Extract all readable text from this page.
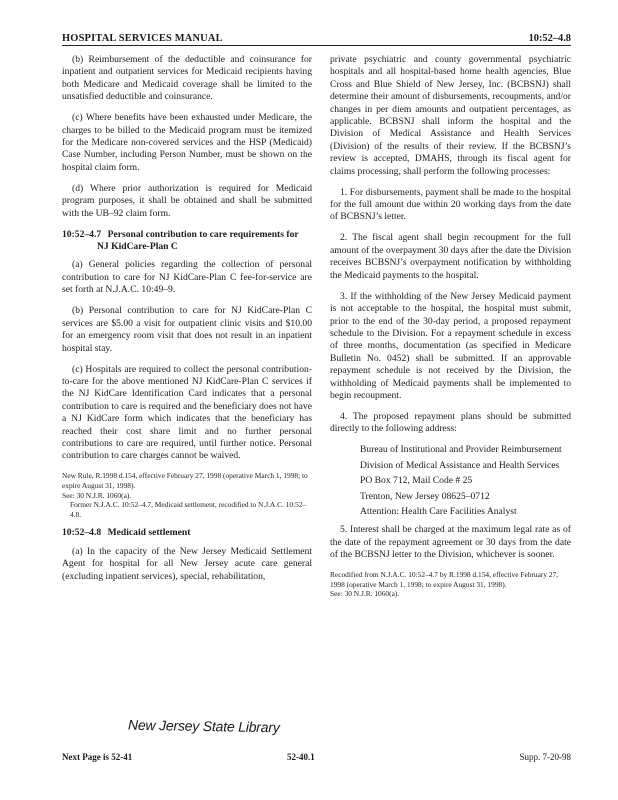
HOSPITAL SERVICES MANUAL	10:52–4.8

(b) Reimbursement of the deductible and coinsurance for inpatient and outpatient services for Medicaid recipients having both Medicare and Medicaid coverage shall be limited to the unsatisfied deductible and coinsurance.

(c) Where benefits have been exhausted under Medicare, the charges to be billed to the Medicaid program must be itemized for the Medicare non-covered services and the HSP (Medicaid) Case Number, including Person Number, must be shown on the hospital claim form.

(d) Where prior authorization is required for Medicaid program purposes, it shall be obtained and shall be submitted with the UB–92 claim form.

10:52–4.7 Personal contribution to care requirements for
NJ KidCare-Plan C

(a) General policies regarding the collection of personal contribution to care for NJ KidCare-Plan C fee-for-service are set forth at N.J.A.C. 10:49–9.

(b) Personal contribution to care for NJ KidCare-Plan C services are $5.00 a visit for outpatient clinic visits and $10.00 for an emergency room visit that does not result in an inpatient hospital stay.

(c) Hospitals are required to collect the personal contribution-to-care for the above mentioned NJ KidCare-Plan C services if the NJ KidCare Identification Card indicates that a personal contribution to care is required and the beneficiary does not have a NJ KidCare form which indicates that the beneficiary has reached their cost share limit and no further personal contributions to care are required, until further notice. Personal contribution to care charges cannot be waived.

New Rule, R.1998 d.154, effective February 27, 1998 (operative March 1, 1998; to expire August 31, 1998).
See: 30 N.J.R. 1060(a).
Former N.J.A.C. 10:52–4.7, Medicaid settlement, recodified to N.J.A.C. 10:52–4.8.
10:52–4.8 Medicaid settlement

(a) In the capacity of the New Jersey Medicaid Settlement Agent for hospital for all New Jersey acute care general (excluding inpatient services), special, rehabilitation,

private psychiatric and county governmental psychiatric hospitals and all hospital-based home health agencies, Blue Cross and Blue Shield of New Jersey, Inc. (BCBSNJ) shall determine their amount of disbursements, recoupments, and/or changes in per diem amounts and outpatient percentages, as applicable. BCBSNJ shall inform the hospital and the Division of Medical Assistance and Health Services (Division) of the results of their review. If the BCBSNJ’s review is accepted, DMAHS, through its fiscal agent for claims processing, shall perform the following processes:

1. For disbursements, payment shall be made to the hospital for the full amount due within 20 working days from the date of BCBSNJ’s letter.

2. The fiscal agent shall begin recoupment for the full amount of the overpayment 30 days after the date the Division receives BCBSNJ’s overpayment notification by withholding the Medicaid payments to the hospital.

3. If the withholding of the New Jersey Medicaid payment is not acceptable to the hospital, the hospital must submit, prior to the end of the 30-day period, a proposed repayment schedule to the Division. For a repayment schedule in excess of three months, documentation (as specified in Medicare Bulletin No. 0452) shall be submitted. If an approvable repayment schedule is not received by the Division, the withholding of Medicaid payments shall be implemented to begin recoupment.

4. The proposed repayment plans should be submitted directly to the following address:

Bureau of Institutional and Provider Reimbursement
Division of Medical Assistance and Health Services
PO Box 712, Mail Code # 25
Trenton, New Jersey 08625–0712
Attention: Health Care Facilities Analyst

5. Interest shall be charged at the maximum legal rate as of the date of the repayment agreement or 30 days from the date of the BCBSNJ letter to the Division, whichever is sooner.

Recodified from N.J.A.C. 10:52–4.7 by R.1998 d.154, effective February 27, 1998 (operative March 1, 1998; to expire August 31, 1998).
See: 30 N.J.R. 1060(a).
New Jersey State Library
Next Page is 52-41	52-40.1	Supp. 7-20-98
